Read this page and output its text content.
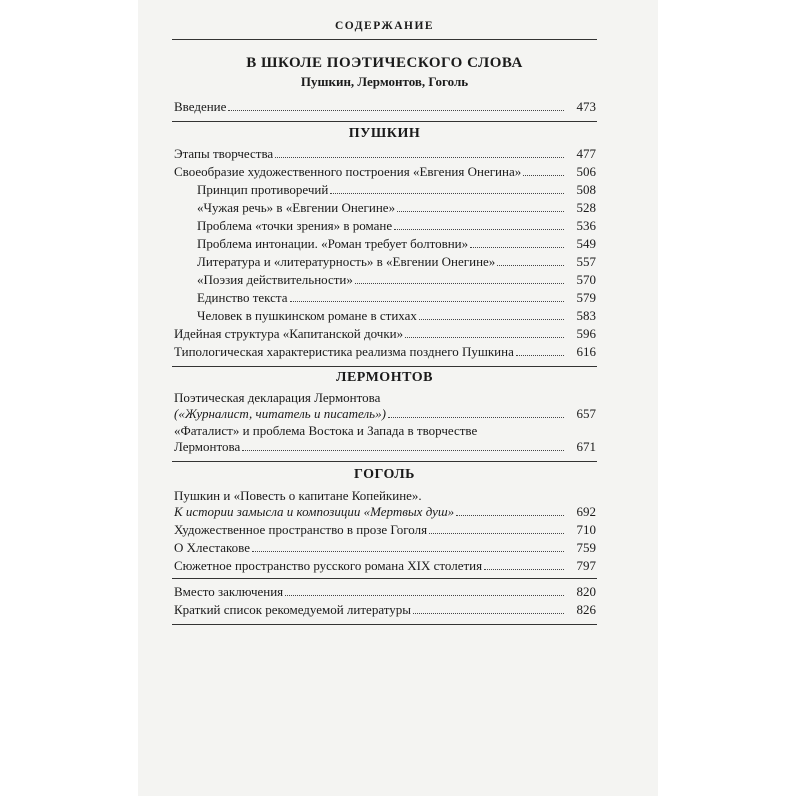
СОДЕРЖАНИЕ
В ШКОЛЕ ПОЭТИЧЕСКОГО СЛОВА
Пушкин, Лермонтов, Гоголь
Введение	473
ПУШКИН
Этапы творчества	477
Своеобразие художественного построения «Евгения Онегина»	506
Принцип противоречий	508
«Чужая речь» в «Евгении Онегине»	528
Проблема «точки зрения» в романе	536
Проблема интонации. «Роман требует болтовни»	549
Литература и «литературность» в «Евгении Онегине»	557
«Поэзия действительности»	570
Единство текста	579
Человек в пушкинском романе в стихах	583
Идейная структура «Капитанской дочки»	596
Типологическая характеристика реализма позднего Пушкина	616
ЛЕРМОНТОВ
Поэтическая декларация Лермонтова
(«Журналист, читатель и писатель»)	657
«Фаталист» и проблема Востока и Запада в творчестве
Лермонтова	671
ГОГОЛЬ
Пушкин и «Повесть о капитане Копейкине».
К истории замысла и композиции «Мертвых душ»	692
Художественное пространство в прозе Гоголя	710
О Хлестакове	759
Сюжетное пространство русского романа XIX столетия	797
Вместо заключения	820
Краткий список рекомедуемой литературы	826
